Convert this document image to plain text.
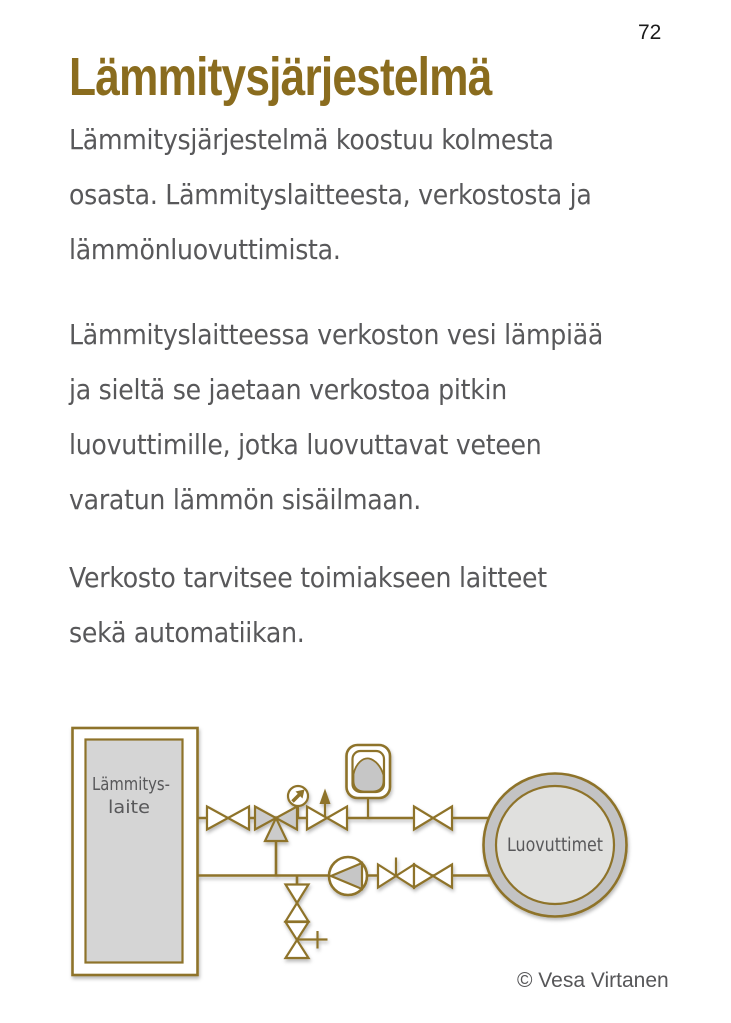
72
Lämmitysjärjestelmä

Lämmitysjärjestelmä koostuu kolmesta osasta. Lämmityslaitteesta, verkostosta ja lämmönluovuttimista.

Lämmityslaitteessa verkoston vesi lämpiää ja sieltä se jaetaan verkostoa pitkin luovuttimille, jotka luovuttavat veteen varatun lämmön sisäilmaan.

Verkosto tarvitsee toimiakseen laitteet sekä automatiikan.

Lämmitys-
laite
Luovuttimet
© Vesa Virtanen
